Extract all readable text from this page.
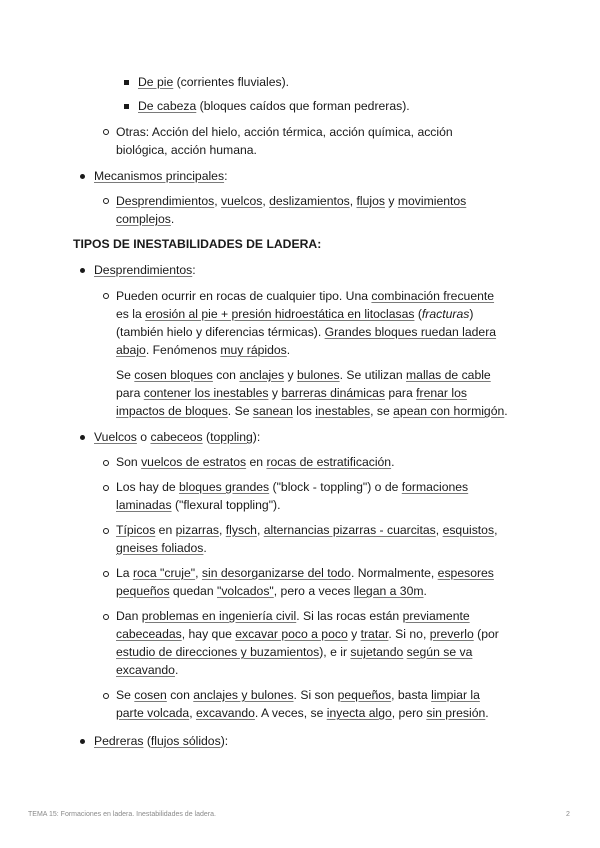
De pie (corrientes fluviales).
De cabeza (bloques caídos que forman pedreras).
Otras: Acción del hielo, acción térmica, acción química, acción
biológica, acción humana.
Mecanismos principales:
Desprendimientos, vuelcos, deslizamientos, flujos y movimientos
complejos.
TIPOS DE INESTABILIDADES DE LADERA:
Desprendimientos:
Pueden ocurrir en rocas de cualquier tipo. Una combinación frecuente
es la erosión al pie + presión hidroestática en litoclasas (fracturas)
(también hielo y diferencias térmicas). Grandes bloques ruedan ladera
abajo. Fenómenos muy rápidos.
Se cosen bloques con anclajes y bulones. Se utilizan mallas de cable
para contener los inestables y barreras dinámicas para frenar los
impactos de bloques. Se sanean los inestables, se apean con hormigón.
Vuelcos o cabeceos (toppling):
Son vuelcos de estratos en rocas de estratificación.
Los hay de bloques grandes ("block - toppling") o de formaciones
laminadas ("flexural toppling").
Típicos en pizarras, flysch, alternancias pizarras - cuarcitas, esquistos,
gneises foliados.
La roca "cruje", sin desorganizarse del todo. Normalmente, espesores
pequeños quedan "volcados", pero a veces llegan a 30m.
Dan problemas en ingeniería civil. Si las rocas están previamente
cabeceadas, hay que excavar poco a poco y tratar. Si no, preverlo (por
estudio de direcciones y buzamientos), e ir sujetando según se va
excavando.
Se cosen con anclajes y bulones. Si son pequeños, basta limpiar la
parte volcada, excavando. A veces, se inyecta algo, pero sin presión.
Pedreras (flujos sólidos):
TEMA 15: Formaciones en ladera. Inestabilidades de ladera.	2
